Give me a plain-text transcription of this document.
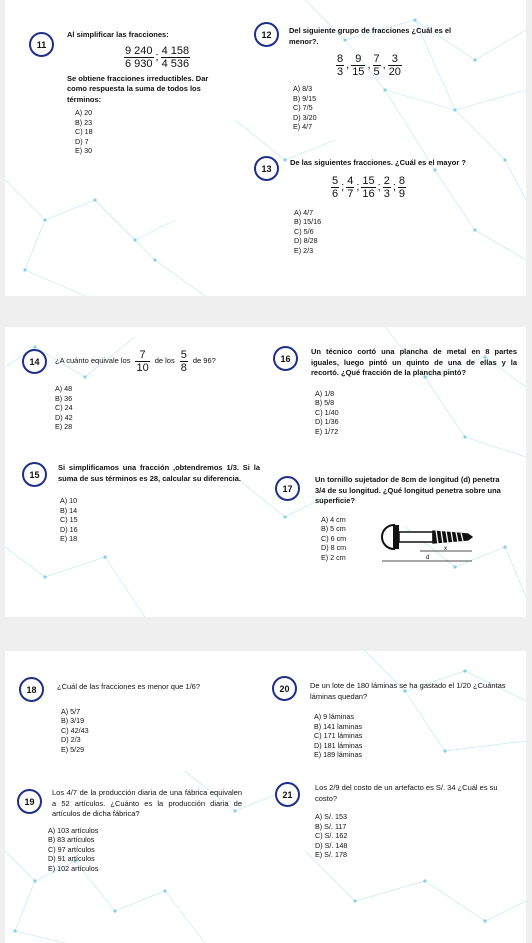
11
Al simplificar las fracciones:
$\frac{9 240}{6 930}$ ; $\frac{4 158}{4 536}$
Se obtiene fracciones irreductibles. Dar como respuesta la suma de todos los términos:
A) 20
B) 23
C) 18
D) 7
E) 30
12 Del siguiente grupo de fracciones ¿Cuál es el menor?.
$\frac{8}{3}$ , $\frac{9}{15}$ , $\frac{7}{5}$ , $\frac{3}{20}$
A) 8/3
B) 9/15
C) 7/5
D) 3/20
E) 4/7
13
De las siguientes fracciones. ¿Cuál es el mayor ?
$\frac{5}{6}$ ; $\frac{4}{7}$ ; $\frac{15}{16}$ ; $\frac{2}{3}$ ; $\frac{8}{9}$
A) 4/7
B) 15/16
C) 5/6
D) 8/28
E) 2/3
14 ¿A cuánto equivale los $\frac{7}{10}$ de los $\frac{5}{8}$ de 96?
A) 48
B) 36
C) 24
D) 42
E) 28
15
Si simplificamos una fracción ,obtendremos 1/3. Si la suma de sus términos es 28, calcular su diferencia.
A) 10
B) 14
C) 15
D) 16
E) 18
16
Un técnico cortó una plancha de metal en 8 partes iguales, luego pintó un quinto de una de ellas y la recortó. ¿Qué fracción de la plancha pintó?
A) 1/8
B) 5/8
C) 1/40
D) 1/36
E) 1/72
17
Un tornillo sujetador de 8cm de longitud (d) penetra 3/4 de su longitud. ¿Qué longitud penetra sobre una superficie?
A) 4 cm
B) 5 cm
C) 6 cm
D) 8 cm
E) 2 cm
x
d
18	¿Cuál de las fracciones es menor que 1/6?
A) 5/7
B) 3/19
C) 42/43
D) 2/3
E) 5/29
19
Los 4/7 de la producción diaria de una fábrica equivalen a 52 artículos. ¿Cuánto es la producción diaria de artículos de dicha fábrica?
A) 103 artículos
B) 83 artículos
C) 97 artículos
D) 91 artículos
E) 102 artículos
20	De un lote de 180 láminas se ha gastado el 1/20 ¿Cuántas láminas quedan?
A) 9 láminas
B) 141 laminas
C) 171 láminas
D) 181 láminas
E) 189 láminas
21
Los 2/9 del costo de un artefacto es S/. 34 ¿Cuál es su costo?
A) S/. 153
B) S/. 117
C) S/. 162
D) S/. 148
E) S/. 178
